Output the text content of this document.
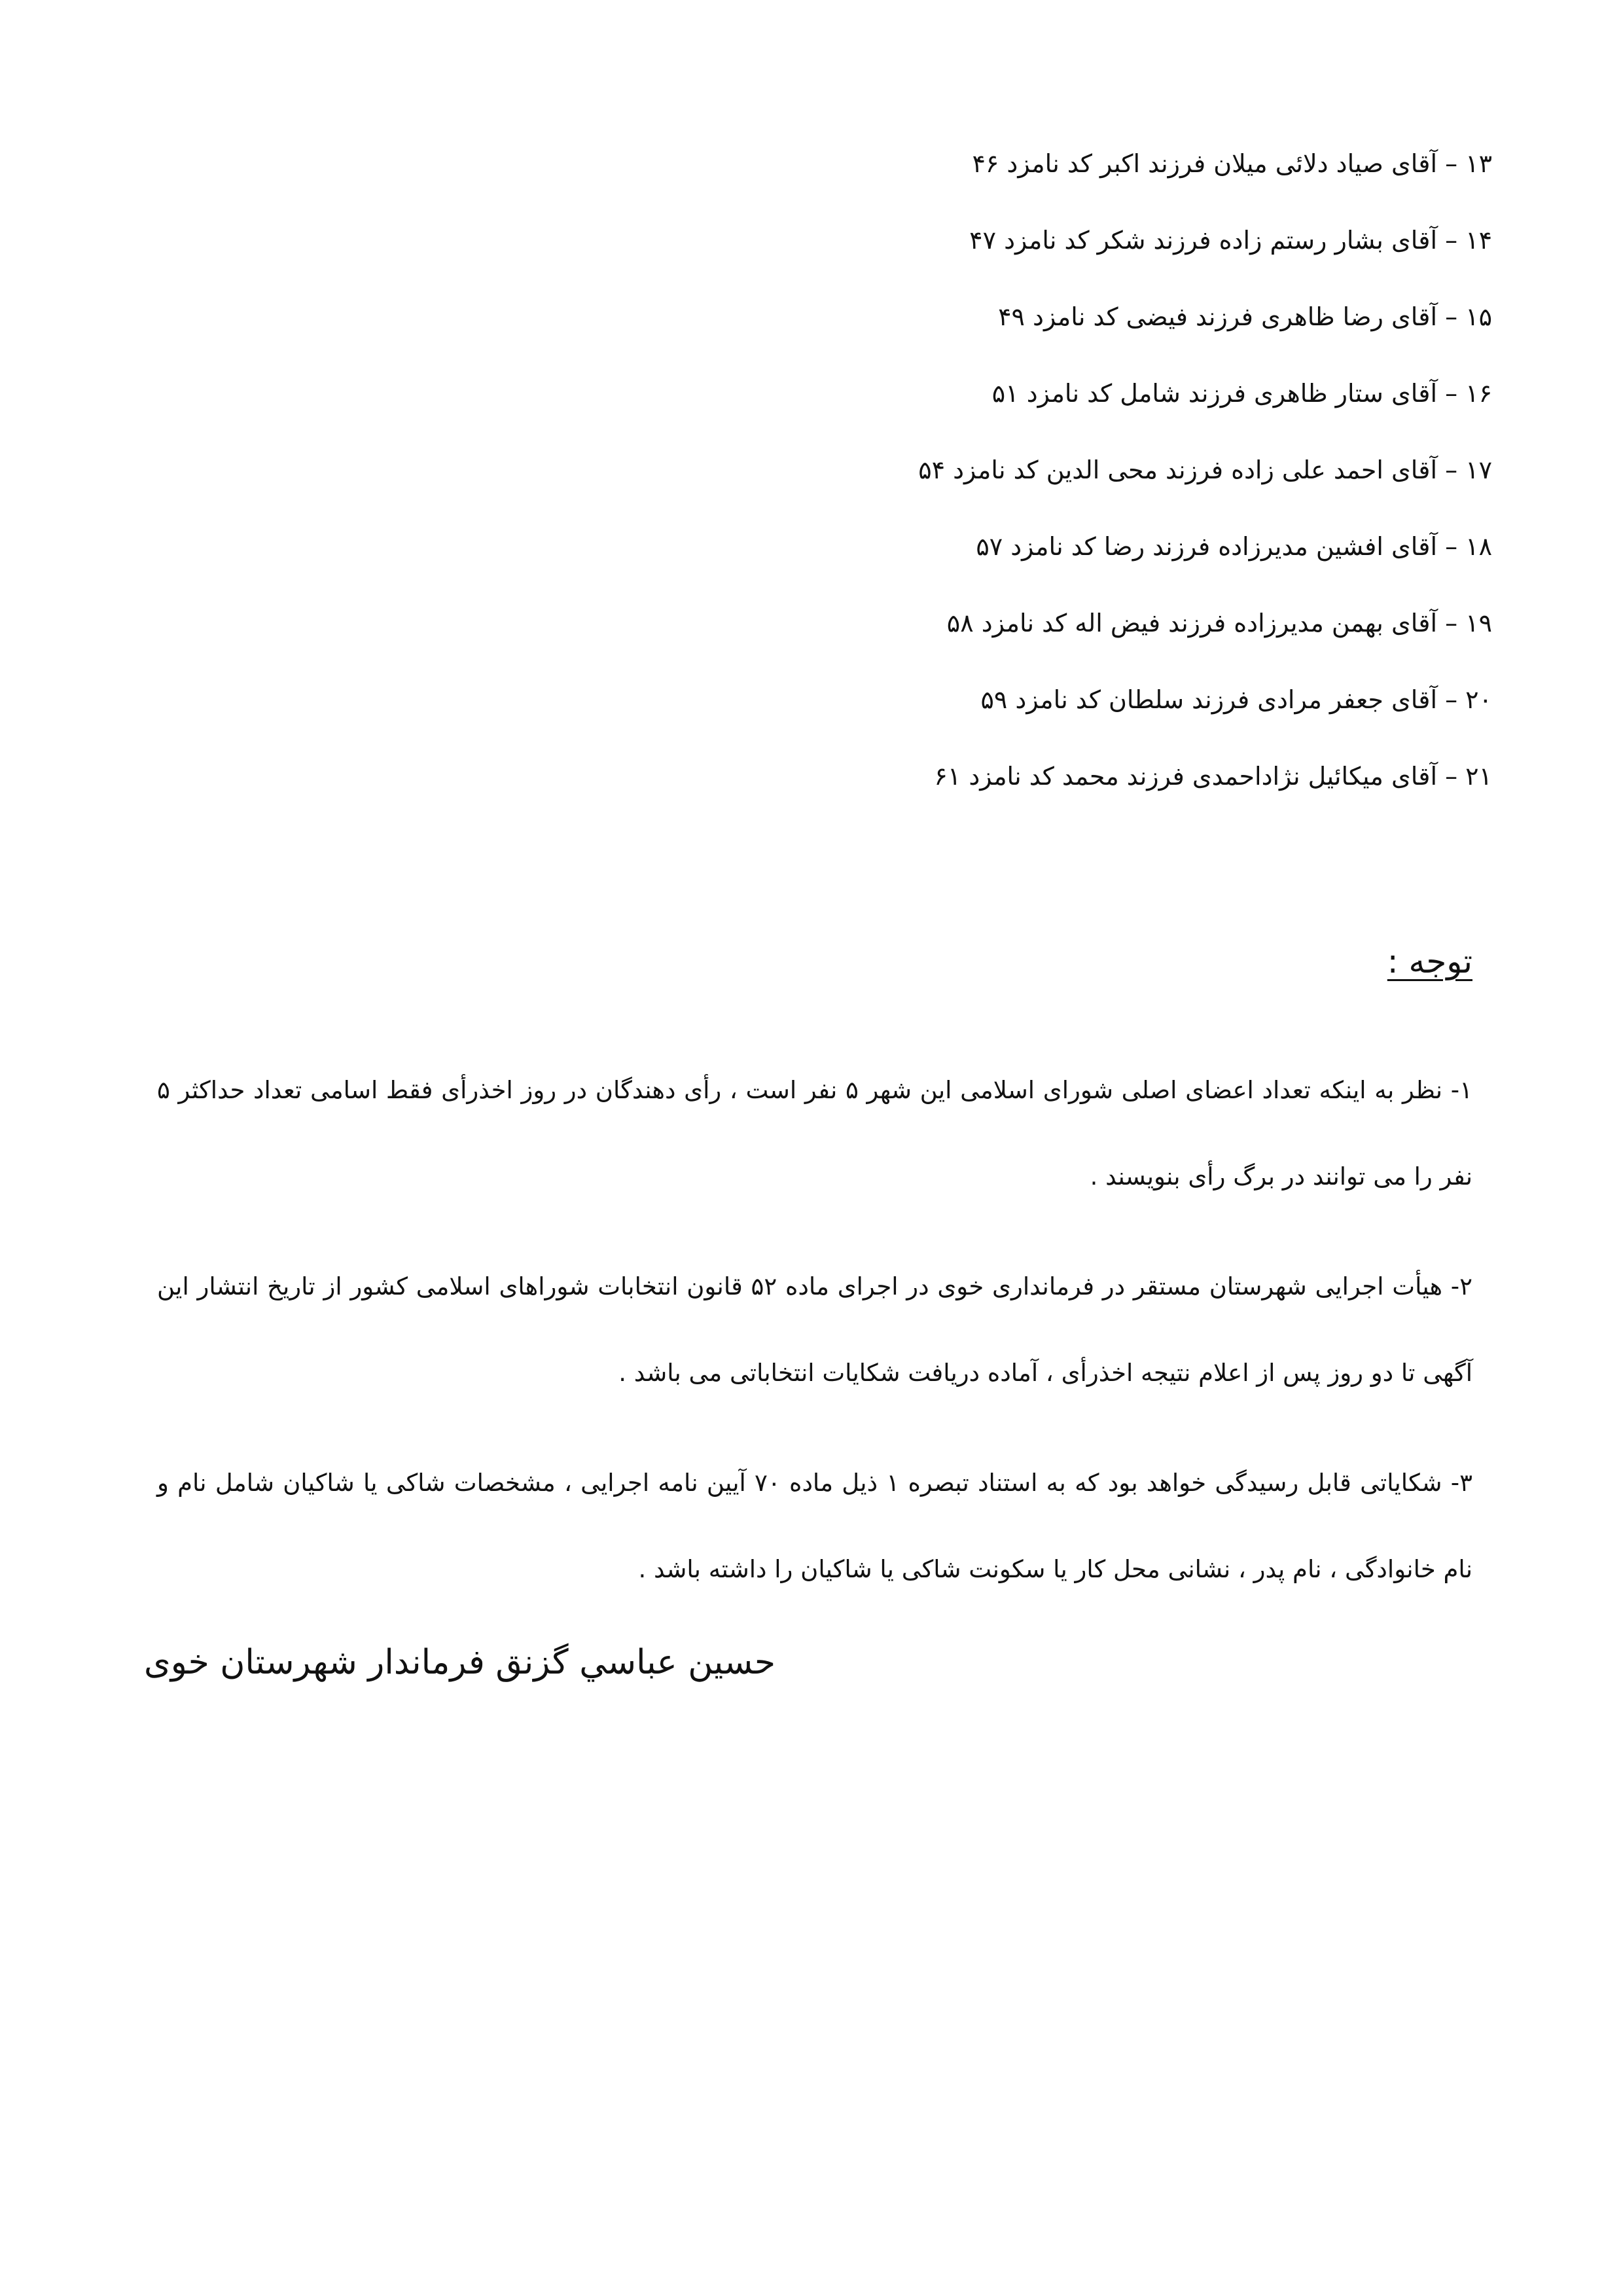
۱۳ – آقای صیاد دلائی میلان فرزند اکبر کد نامزد ۴۶
۱۴ – آقای بشار رستم زاده فرزند شکر کد نامزد ۴۷
۱۵ – آقای رضا ظاهری فرزند فیضی کد نامزد ۴۹
۱۶ – آقای ستار ظاهری فرزند شامل کد نامزد ۵۱
۱۷ – آقای احمد علی زاده فرزند محی الدین کد نامزد ۵۴
۱۸ – آقای افشین مدیرزاده فرزند رضا کد نامزد ۵۷
۱۹ – آقای بهمن مدیرزاده فرزند فیض اله کد نامزد ۵۸
۲۰ – آقای جعفر مرادی فرزند سلطان کد نامزد ۵۹
۲۱ – آقای میکائیل نژاداحمدی فرزند محمد کد نامزد ۶۱
توجه :

۱- نظر به اینکه تعداد اعضای اصلی شورای اسلامی این شهر ۵ نفر است ، رأی دهندگان در روز اخذرأی فقط اسامی تعداد حداکثر ۵ نفر را می توانند در برگ رأی بنویسند .

۲- هیأت اجرایی شهرستان مستقر در فرمانداری خوی در اجرای ماده ۵۲ قانون انتخابات شوراهای اسلامی کشور از تاریخ انتشار این آگهی تا دو روز پس از اعلام نتیجه اخذرأی ، آماده دریافت شکایات انتخاباتی می باشد .

۳- شکایاتی قابل رسیدگی خواهد بود که به استناد تبصره ۱ ذیل ماده ۷۰ آیین نامه اجرایی ، مشخصات شاکی یا شاکیان شامل نام و نام خانوادگی ، نام پدر ، نشانی محل کار یا سکونت شاکی یا شاکیان را داشته باشد .

حسين عباسي گزنق فرماندار شهرستان خوی
